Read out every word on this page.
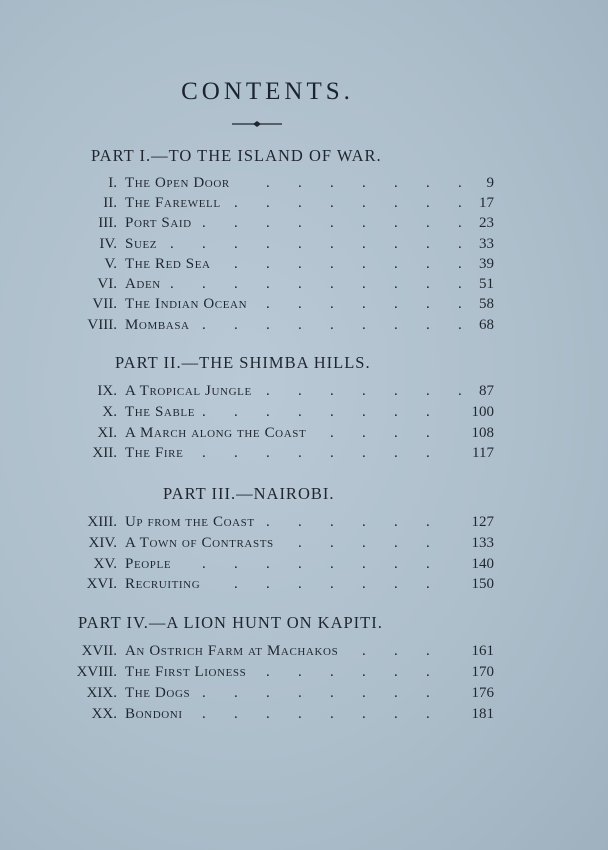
CONTENTS.
PART I.—TO THE ISLAND OF WAR.
I. The Open Door	9
. . . . . . .
II. The Farewell	17
. . . . . . . .
III. Port Said	23
. . . . . . . . .
IV. Suez	33
. . . . . . . . . .
V. The Red Sea	39
. . . . . . . .
VI. Aden	51
. . . . . . . . . .
VII. The Indian Ocean	58
. . . . . . .
VIII. Mombasa	68
. . . . . . . . .
PART II.—THE SHIMBA HILLS.
IX. A Tropical Jungle	87
. . . . . . .
X. The Sable	100
. . . . . . . .
XI. A March along the Coast	108
. . . .
XII. The Fire	117
. . . . . . . .
PART III.—NAIROBI.
XIII. Up from the Coast	127
. . . . . .
XIV. A Town of Contrasts	133
. . . . .
XV. People	140
. . . . . . . .
XVI. Recruiting	150
. . . . . . .
PART IV.—A LION HUNT ON KAPITI.
XVII. An Ostrich Farm at Machakos	161
. . .
XVIII. The First Lioness	170
. . . . . .
XIX. The Dogs	176
. . . . . . . .
XX. Bondoni	181
. . . . . . . .
